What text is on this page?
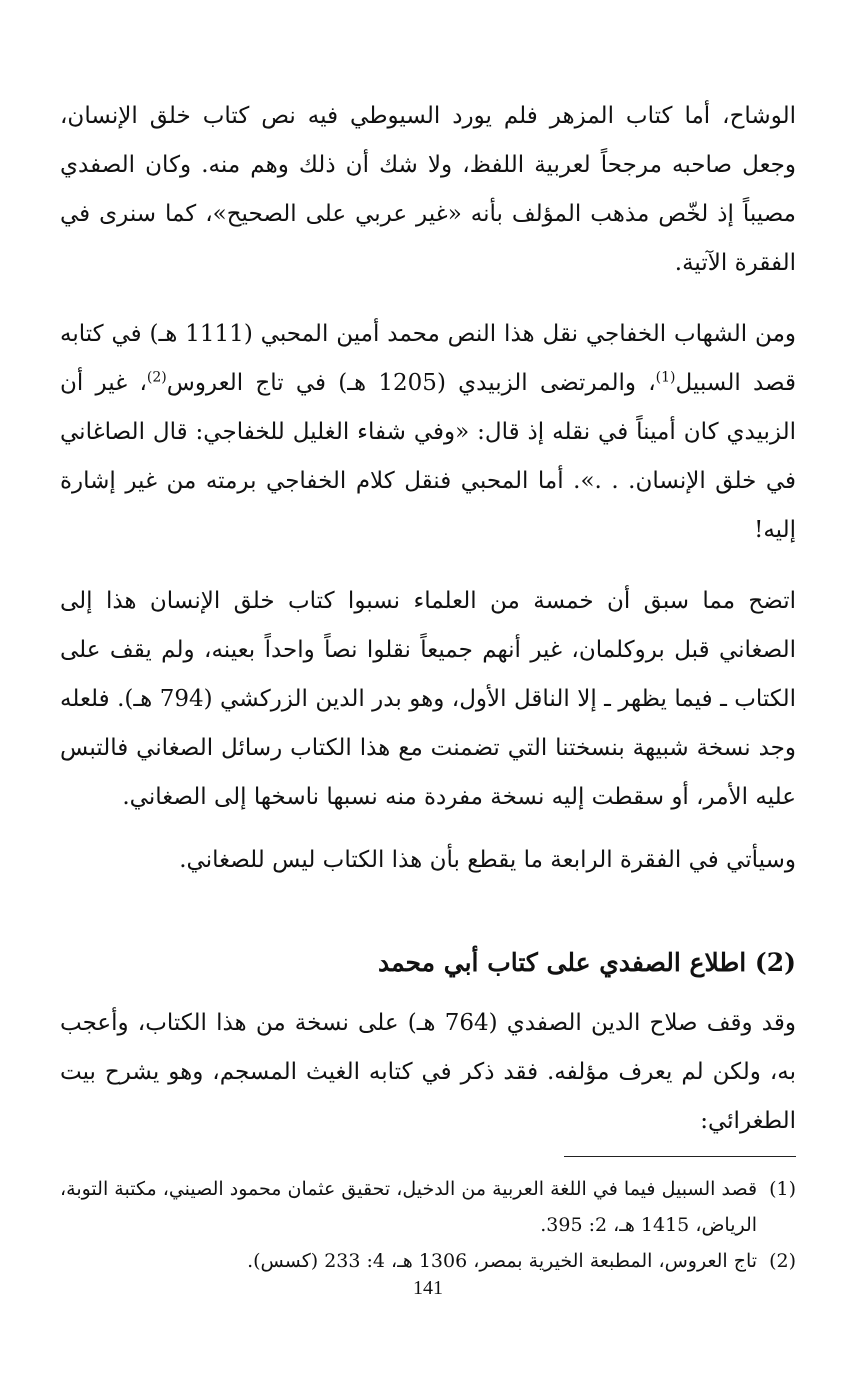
الوشاح، أما كتاب المزهر فلم يورد السيوطي فيه نص كتاب خلق الإنسان، وجعل صاحبه مرجحاً لعربية اللفظ، ولا شك أن ذلك وهم منه. وكان الصفدي مصيباً إذ لخّص مذهب المؤلف بأنه «غير عربي على الصحيح»، كما سنرى في الفقرة الآتية.

ومن الشهاب الخفاجي نقل هذا النص محمد أمين المحبي (1111 هـ) في كتابه قصد السبيل$^{(1)}$، والمرتضى الزبيدي (1205 هـ) في تاج العروس$^{(2)}$، غير أن الزبيدي كان أميناً في نقله إذ قال: «وفي شفاء الغليل للخفاجي: قال الصاغاني في خلق الإنسان. . .». أما المحبي فنقل كلام الخفاجي برمته من غير إشارة إليه!

اتضح مما سبق أن خمسة من العلماء نسبوا كتاب خلق الإنسان هذا إلى الصغاني قبل بروكلمان، غير أنهم جميعاً نقلوا نصاً واحداً بعينه، ولم يقف على الكتاب ـ فيما يظهر ـ إلا الناقل الأول، وهو بدر الدين الزركشي (794 هـ). فلعله وجد نسخة شبيهة بنسختنا التي تضمنت مع هذا الكتاب رسائل الصغاني فالتبس عليه الأمر، أو سقطت إليه نسخة مفردة منه نسبها ناسخها إلى الصغاني.

وسيأتي في الفقرة الرابعة ما يقطع بأن هذا الكتاب ليس للصغاني.

(2) اطلاع الصفدي على كتاب أبي محمد

وقد وقف صلاح الدين الصفدي (764 هـ) على نسخة من هذا الكتاب، وأعجب به، ولكن لم يعرف مؤلفه. فقد ذكر في كتابه الغيث المسجم، وهو يشرح بيت الطغرائي:

(1)
قصد السبيل فيما في اللغة العربية من الدخيل، تحقيق عثمان محمود الصيني، مكتبة التوبة، الرياض، 1415 هـ، 2: 395.

(2)
تاج العروس، المطبعة الخيرية بمصر، 1306 هـ، 4: 233 (كسس).

141
